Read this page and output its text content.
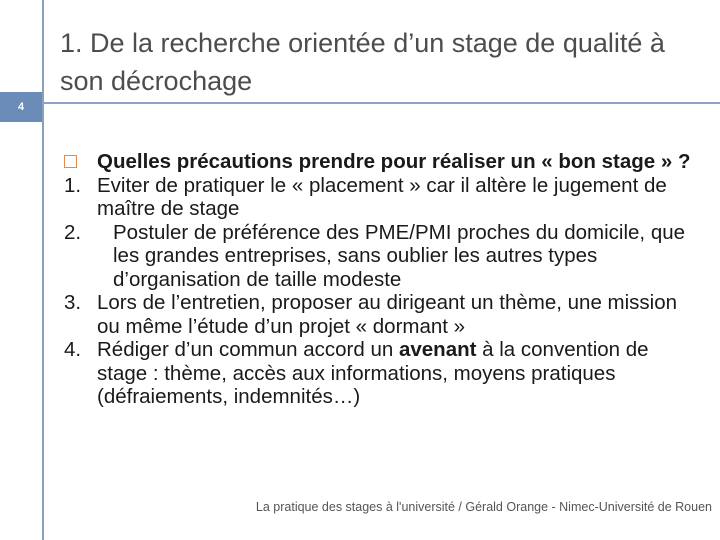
1. De la recherche orientée d’un stage de qualité à son décrochage
4
Quelles précautions prendre pour réaliser un « bon stage » ?
1. Eviter de pratiquer le « placement » car il altère le jugement de maître de stage
2. Postuler de préférence des PME/PMI proches du domicile, que les grandes entreprises, sans oublier les autres types d’organisation de taille modeste
3. Lors de l’entretien, proposer au dirigeant un thème, une mission ou même l’étude d’un projet « dormant »
4. Rédiger d’un commun accord un avenant à la convention de stage : thème, accès aux informations, moyens pratiques (défraiements, indemnités…)
La pratique des stages à l'université / Gérald Orange - Nimec-Université de Rouen
